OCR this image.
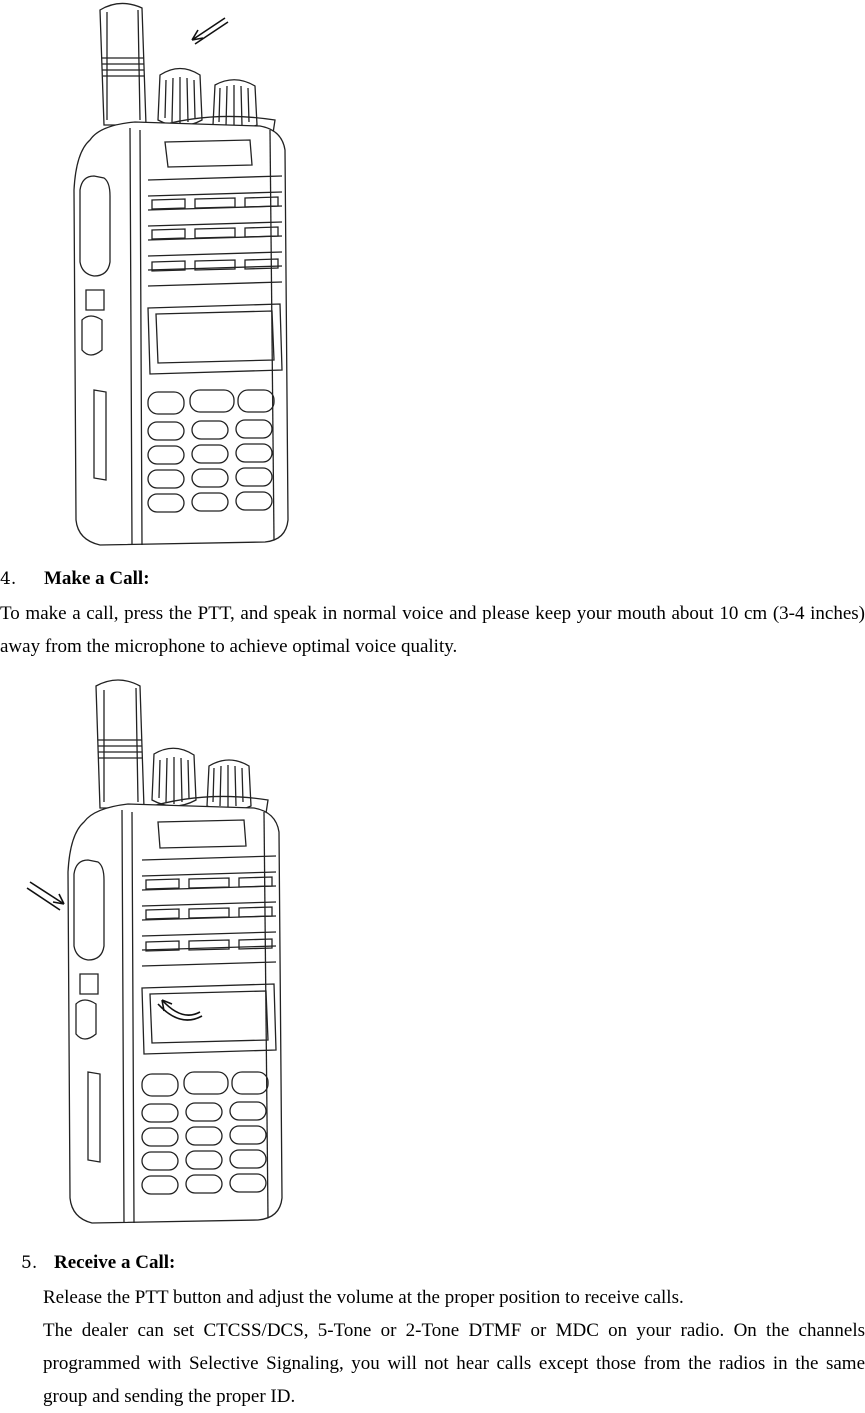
4. Make a Call:
To make a call, press the PTT, and speak in normal voice and please keep your mouth about 10 cm (3-4 inches) away from the microphone to achieve optimal voice quality.
5. Receive a Call:
Release the PTT button and adjust the volume at the proper position to receive calls.
The dealer can set CTCSS/DCS, 5-Tone or 2-Tone DTMF or MDC on your radio. On the channels programmed with Selective Signaling, you will not hear calls except those from the radios in the same group and sending the proper ID.
